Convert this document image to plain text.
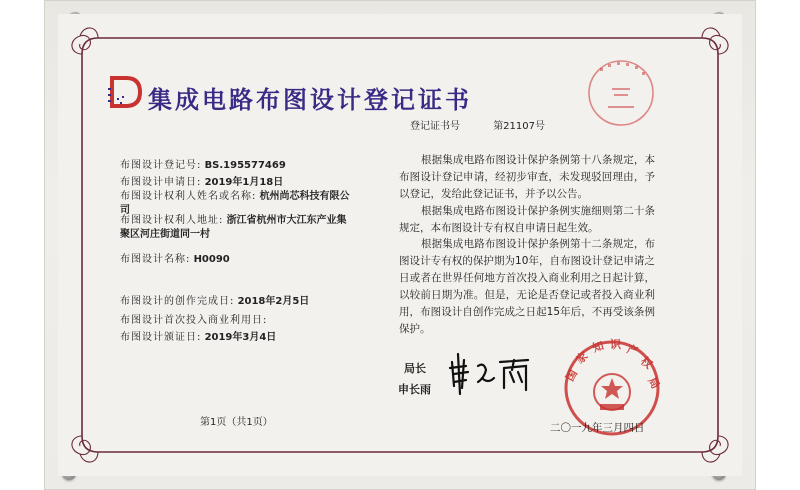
集成电路布图设计登记证书
登记证书号	第21107号
布图设计登记号: BS.195577469
布图设计申请日: 2019年1月18日
布图设计权利人姓名或名称: 杭州尚芯科技有限公司
布图设计权利人地址: 浙江省杭州市大江东产业集聚区河庄街道同一村
布图设计名称: H0090
布图设计的创作完成日: 2018年2月5日
布图设计首次投入商业利用日:
布图设计颁证日: 2019年3月4日
根据集成电路布图设计保护条例第十八条规定，本布图设计登记申请，经初步审查，未发现驳回理由，予以登记，发给此登记证书，并予以公告。
根据集成电路布图设计保护条例实施细则第二十条规定，本布图设计专有权自申请日起生效。
根据集成电路布图设计保护条例第十二条规定，布图设计专有权的保护期为10年，自布图设计登记申请之日或者在世界任何地方首次投入商业利用之日起计算，以较前日期为准。但是，无论是否登记或者投入商业利用，布图设计自创作完成之日起15年后，不再受该条例保护。
局长
申长雨
国
家
知 识 产
权
局
二〇一九年三月四日
第1页（共1页）
